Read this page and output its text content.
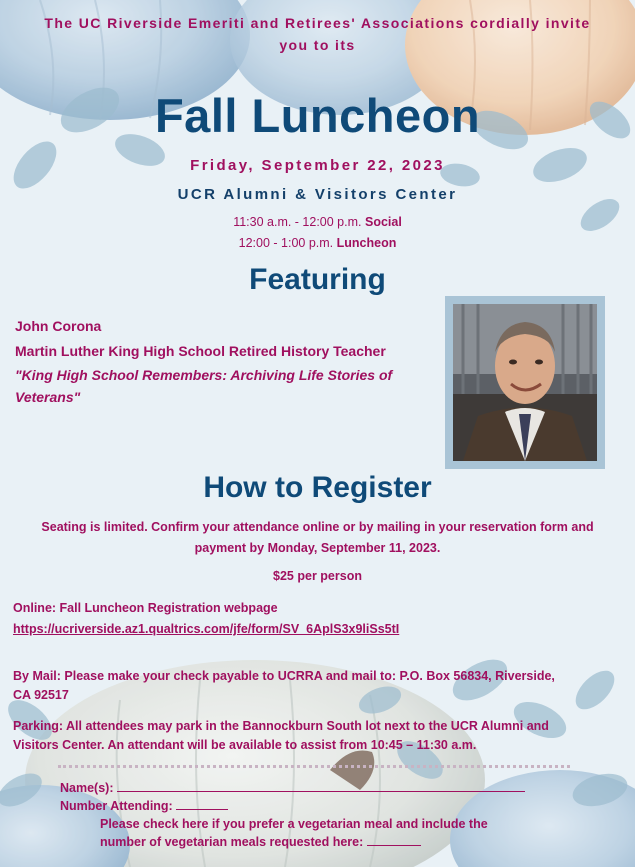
The UC Riverside Emeriti and Retirees' Associations cordially invite
you to its
Fall Luncheon
Friday, September 22, 2023
UCR Alumni & Visitors Center
11:30 a.m. - 12:00 p.m. Social
12:00 - 1:00 p.m. Luncheon
Featuring
John Corona
Martin Luther King High School Retired History Teacher
"King High School Remembers: Archiving Life Stories of
Veterans"
How to Register
Seating is limited. Confirm your attendance online or by mailing in your reservation form and
payment by Monday, September 11, 2023.
$25 per person
Online: Fall Luncheon Registration webpage
https://ucriverside.az1.qualtrics.com/jfe/form/SV_6AplS3x9liSs5tI
By Mail: Please make your check payable to UCRRA and mail to: P.O. Box 56834, Riverside,
CA 92517
Parking: All attendees may park in the Bannockburn South lot next to the UCR Alumni and
Visitors Center. An attendant will be available to assist from 10:45 – 11:30 a.m.
Name(s):
Number Attending:
Please check here if you prefer a vegetarian meal and include the
number of vegetarian meals requested here:
